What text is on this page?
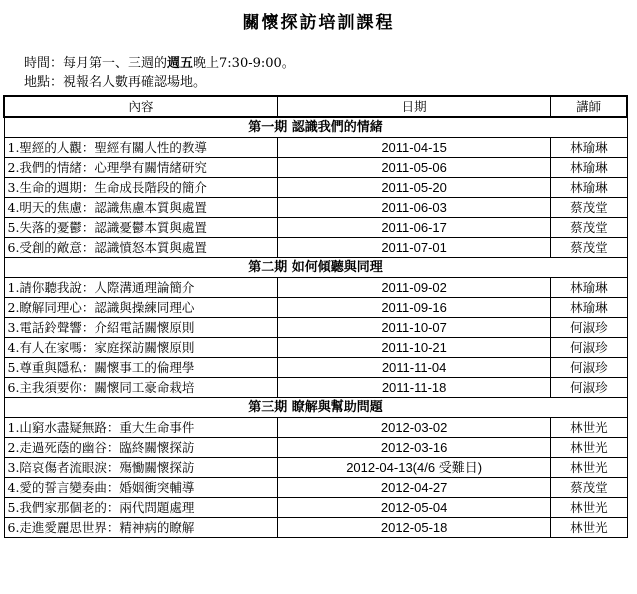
關懷探訪培訓課程
時間：每月第一、三週的週五晚上7:30-9:00。
地點：視報名人數再確認場地。
內容	日期	講師
第一期 認識我們的情緒		
1.聖經的人觀：聖經有關人性的教導	2011-04-15	林瑜琳
2.我們的情緒：心理學有關情緒研究	2011-05-06	林瑜琳
3.生命的週期：生命成長階段的簡介	2011-05-20	林瑜琳
4.明天的焦慮：認識焦慮本質與處置	2011-06-03	蔡茂堂
5.失落的憂鬱：認識憂鬱本質與處置	2011-06-17	蔡茂堂
6.受創的敵意：認識憤怒本質與處置	2011-07-01	蔡茂堂
第二期 如何傾聽與同理		
1.請你聽我說：人際溝通理論簡介	2011-09-02	林瑜琳
2.瞭解同理心：認識與操練同理心	2011-09-16	林瑜琳
3.電話鈴聲響：介紹電話關懷原則	2011-10-07	何淑珍
4.有人在家嗎：家庭探訪關懷原則	2011-10-21	何淑珍
5.尊重與隱私：關懷事工的倫理學	2011-11-04	何淑珍
6.主我須要你：關懷同工豪命栽培	2011-11-18	何淑珍
第三期 瞭解與幫助問題		
1.山窮水盡疑無路：重大生命事件	2012-03-02	林世光
2.走過死蔭的幽谷：臨終關懷探訪	2012-03-16	林世光
3.陪哀傷者流眼淚：殤慟關懷探訪	2012-04-13(4/6 受難日)	林世光
4.愛的誓言變奏曲：婚姻衝突輔導	2012-04-27	蔡茂堂
5.我們家那個老的：兩代問題處理	2012-05-04	林世光
6.走進愛麗思世界：精神病的瞭解	2012-05-18	林世光
